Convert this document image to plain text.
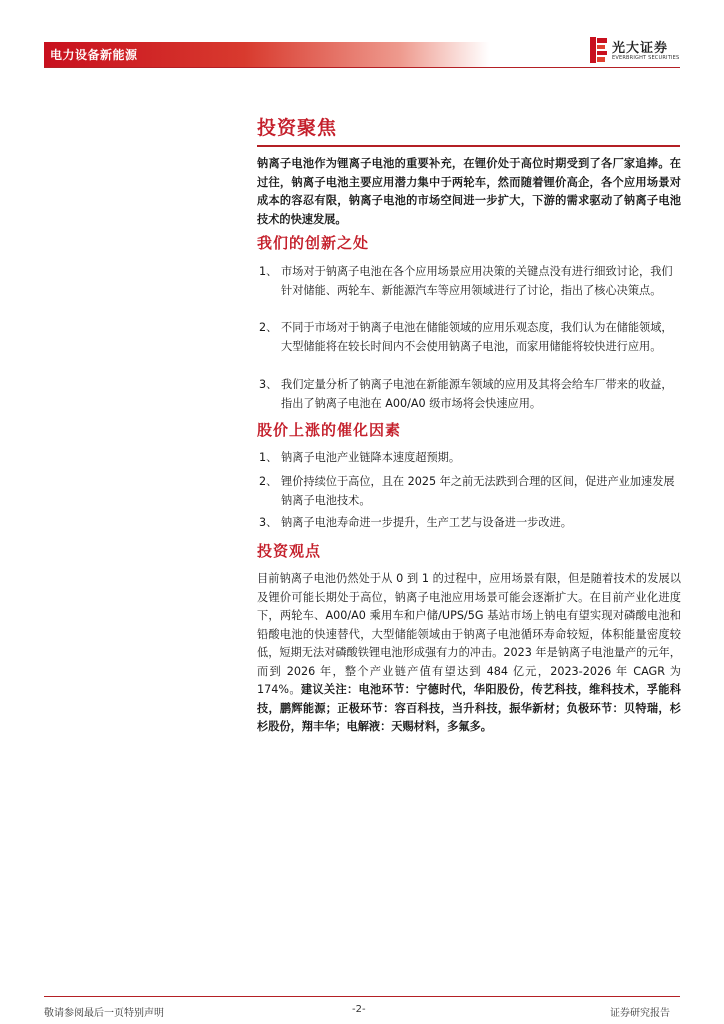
电力设备新能源	光大证券
EVERBRIGHT SECURITIES
投资聚焦
钠离子电池作为锂离子电池的重要补充，在锂价处于高位时期受到了各厂家追捧。在过往，钠离子电池主要应用潜力集中于两轮车，然而随着锂价高企，各个应用场景对成本的容忍有限，钠离子电池的市场空间进一步扩大，下游的需求驱动了钠离子电池技术的快速发展。
我们的创新之处
1、 市场对于钠离子电池在各个应用场景应用决策的关键点没有进行细致讨论，我们针对储能、两轮车、新能源汽车等应用领域进行了讨论，指出了核心决策点。
2、 不同于市场对于钠离子电池在储能领域的应用乐观态度，我们认为在储能领域，大型储能将在较长时间内不会使用钠离子电池，而家用储能将较快进行应用。
3、 我们定量分析了钠离子电池在新能源车领域的应用及其将会给车厂带来的收益，指出了钠离子电池在 A00/A0 级市场将会快速应用。
股价上涨的催化因素
1、 钠离子电池产业链降本速度超预期。
2、 锂价持续位于高位，且在 2025 年之前无法跌到合理的区间，促进产业加速发展钠离子电池技术。
3、 钠离子电池寿命进一步提升，生产工艺与设备进一步改进。
投资观点
目前钠离子电池仍然处于从 0 到 1 的过程中，应用场景有限，但是随着技术的发展以及锂价可能长期处于高位，钠离子电池应用场景可能会逐渐扩大。在目前产业化进度下，两轮车、A00/A0 乘用车和户储/UPS/5G 基站市场上钠电有望实现对磷酸电池和铅酸电池的快速替代，大型储能领域由于钠离子电池循环寿命较短，体积能量密度较低，短期无法对磷酸铁锂电池形成强有力的冲击。2023 年是钠离子电池量产的元年，而到 2026 年，整个产业链产值有望达到 484 亿元，2023-2026 年 CAGR 为 174%。建议关注：电池环节：宁德时代，华阳股份，传艺科技，维科技术，孚能科技，鹏辉能源；正极环节：容百科技，当升科技，振华新材；负极环节：贝特瑞，杉杉股份，翔丰华；电解液：天赐材料，多氟多。
敬请参阅最后一页特别声明	-2-	证券研究报告
